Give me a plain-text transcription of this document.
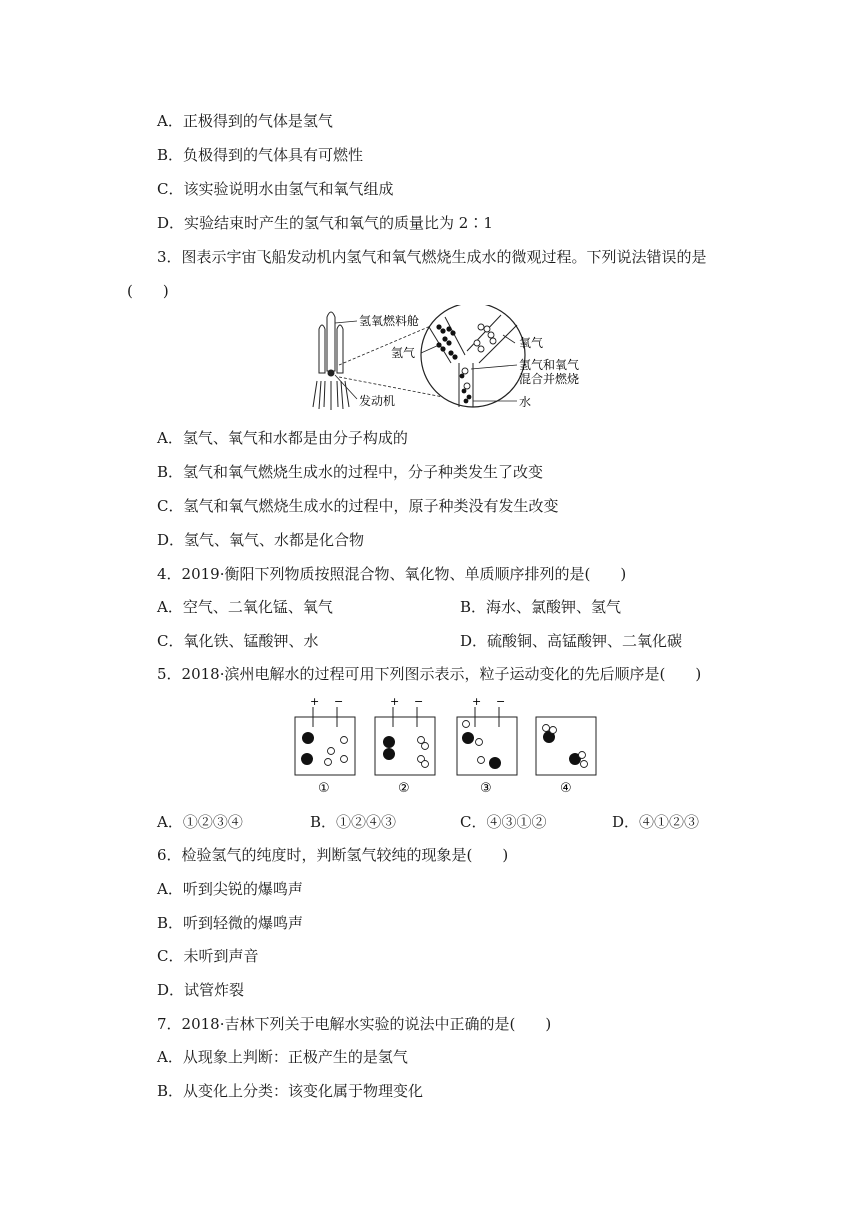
A．正极得到的气体是氢气
B．负极得到的气体具有可燃性
C．该实验说明水由氢气和氧气组成
D．实验结束时产生的氢气和氧气的质量比为 2∶1
3．图表示宇宙飞船发动机内氢气和氧气燃烧生成水的微观过程。下列说法错误的是
(　　)
氢氧燃料舱
氢气
氧气
氢气和氧气
混合并燃烧
水
发动机
A．氢气、氧气和水都是由分子构成的
B．氢气和氧气燃烧生成水的过程中，分子种类发生了改变
C．氢气和氧气燃烧生成水的过程中，原子种类没有发生改变
D．氢气、氧气、水都是化合物
4．2019·衡阳下列物质按照混合物、氧化物、单质顺序排列的是(　　)
A．空气、二氧化锰、氧气	B．海水、氯酸钾、氢气
C．氧化铁、锰酸钾、水	D．硫酸铜、高锰酸钾、二氧化碳
5．2018·滨州电解水的过程可用下列图示表示，粒子运动变化的先后顺序是(　　)
+ −	+ −	+ −
①	②	③	④
A．①②③④	B．①②④③	C．④③①②	D．④①②③
6．检验氢气的纯度时，判断氢气较纯的现象是(　　)
A．听到尖锐的爆鸣声
B．听到轻微的爆鸣声
C．未听到声音
D．试管炸裂
7．2018·吉林下列关于电解水实验的说法中正确的是(　　)
A．从现象上判断：正极产生的是氢气
B．从变化上分类：该变化属于物理变化
